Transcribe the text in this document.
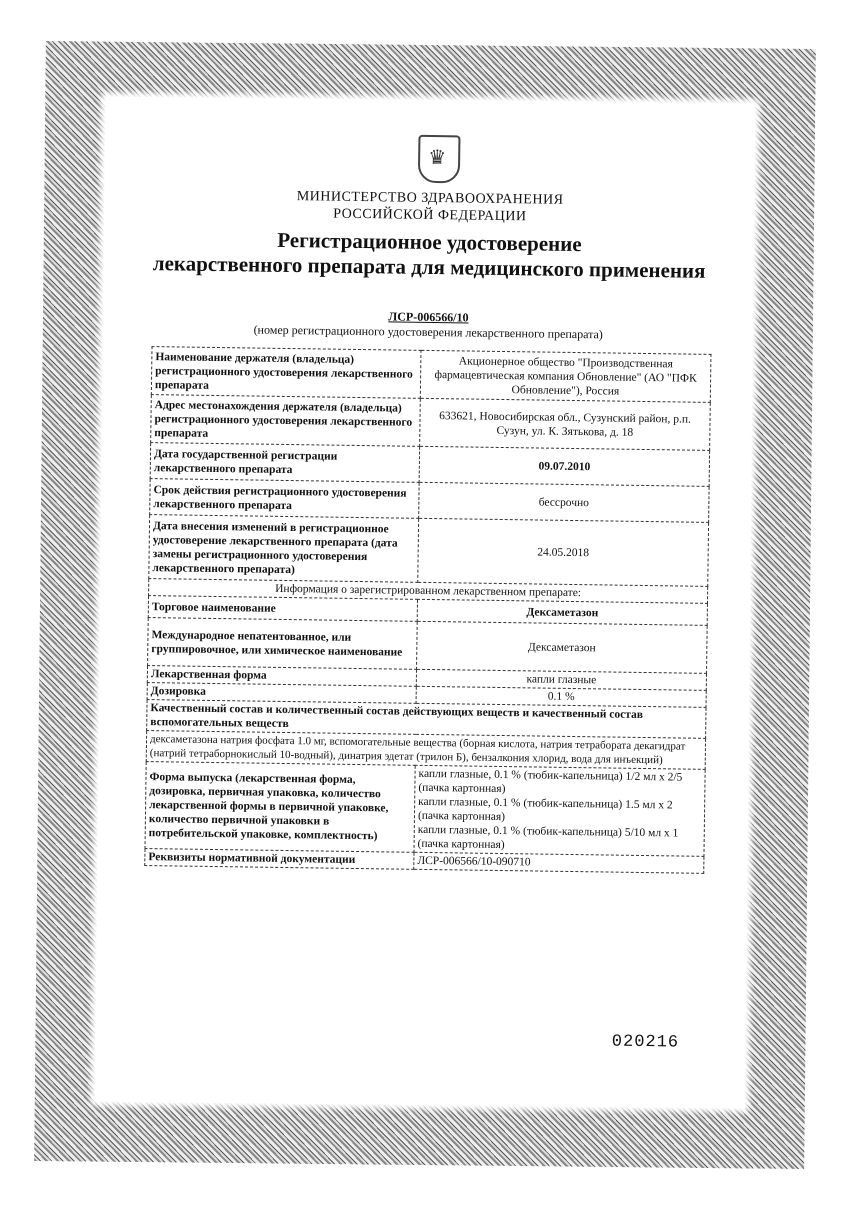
♛
МИНИСТЕРСТВО ЗДРАВООХРАНЕНИЯ
РОССИЙСКОЙ ФЕДЕРАЦИИ
Регистрационное удостоверение
лекарственного препарата для медицинского применения
ЛСР-006566/10
(номер регистрационного удостоверения лекарственного препарата)
Наименование держателя (владельца) регистрационного удостоверения лекарственного препарата	Акционерное общество "Производственная фармацевтическая компания Обновление" (АО "ПФК Обновление"), Россия
Адрес местонахождения держателя (владельца) регистрационного удостоверения лекарственного препарата	633621, Новосибирская обл., Сузунский район, р.п. Сузун, ул. К. Зятькова, д. 18
Дата государственной регистрации лекарственного препарата	09.07.2010
Срок действия регистрационного удостоверения лекарственного препарата	бессрочно
Дата внесения изменений в регистрационное удостоверение лекарственного препарата (дата замены регистрационного удостоверения лекарственного препарата)	24.05.2018
Информация о зарегистрированном лекарственном препарате:	
Торговое наименование	Дексаметазон
Международное непатентованное, или группировочное, или химическое наименование	Дексаметазон
Лекарственная форма	капли глазные
Дозировка	0.1 %
Качественный состав и количественный состав действующих веществ и качественный состав вспомогательных веществ	
дексаметазона натрия фосфата 1.0 мг, вспомогательные вещества (борная кислота, натрия тетрабората декагидрат (натрий тетраборнокислый 10-водный), динатрия эдетат (трилон Б), бензалкония хлорид, вода для инъекций)	
Форма выпуска (лекарственная форма, дозировка, первичная упаковка, количество лекарственной формы в первичной упаковке, количество первичной упаковки в потребительской упаковке, комплектность)	капли глазные, 0.1 % (тюбик-капельница) 1/2 мл x 2/5 (пачка картонная)
капли глазные, 0.1 % (тюбик-капельница) 1.5 мл x 2 (пачка картонная)
капли глазные, 0.1 % (тюбик-капельница) 5/10 мл x 1 (пачка картонная)

Реквизиты нормативной документации	ЛСР-006566/10-090710
020216
